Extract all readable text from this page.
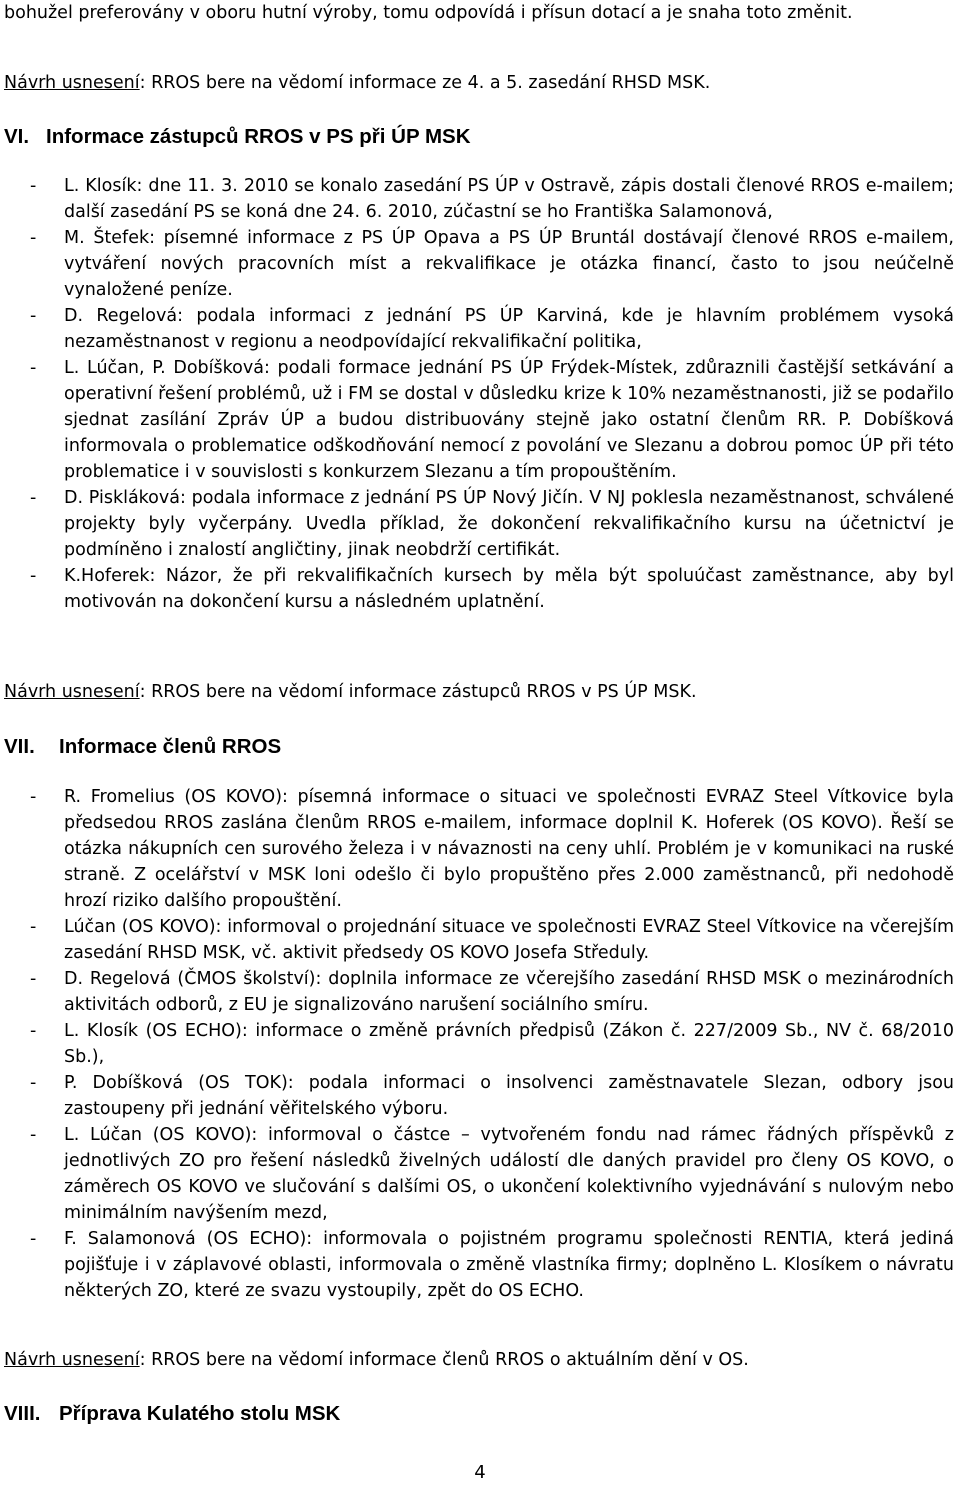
bohužel preferovány v oboru hutní výroby, tomu odpovídá i přísun dotací a je snaha toto změnit.
Návrh usnesení: RROS bere na vědomí informace ze 4. a 5. zasedání RHSD MSK.
VI. Informace zástupců RROS v PS při ÚP MSK
- L. Klosík: dne 11. 3. 2010 se konalo zasedání PS ÚP v Ostravě, zápis dostali členové RROS e-mailem; další zasedání PS se koná dne 24. 6. 2010, zúčastní se ho Františka Salamonová,
- M. Štefek: písemné informace z PS ÚP Opava a PS ÚP Bruntál dostávají členové RROS e-mailem, vytváření nových pracovních míst a rekvalifikace je otázka financí, často to jsou neúčelně vynaložené peníze.
- D. Regelová: podala informaci z jednání PS ÚP Karviná, kde je hlavním problémem vysoká nezaměstnanost v regionu a neodpovídající rekvalifikační politika,
- L. Lúčan, P. Dobíšková: podali formace jednání PS ÚP Frýdek-Místek, zdůraznili častější setkávání a operativní řešení problémů, už i FM se dostal v důsledku krize k 10% nezaměstnanosti, již se podařilo sjednat zasílání Zpráv ÚP a budou distribuovány stejně jako ostatní členům RR. P. Dobíšková informovala o problematice odškodňování nemocí z povolání ve Slezanu a dobrou pomoc ÚP při této problematice i v souvislosti s konkurzem Slezanu a tím propouštěním.
- D. Piskláková: podala informace z jednání PS ÚP Nový Jičín. V NJ poklesla nezaměstnanost, schválené projekty byly vyčerpány. Uvedla příklad, že dokončení rekvalifikačního kursu na účetnictví je podmíněno i znalostí angličtiny, jinak neobdrží certifikát.
- K.Hoferek: Názor, že při rekvalifikačních kursech by měla být spoluúčast zaměstnance, aby byl motivován na dokončení kursu a následném uplatnění.
Návrh usnesení: RROS bere na vědomí informace zástupců RROS v PS ÚP MSK.
VII. Informace členů RROS
- R. Fromelius (OS KOVO): písemná informace o situaci ve společnosti EVRAZ Steel Vítkovice byla předsedou RROS zaslána členům RROS e-mailem, informace doplnil K. Hoferek (OS KOVO). Řeší se otázka nákupních cen surového železa i v návaznosti na ceny uhlí. Problém je v komunikaci na ruské straně. Z ocelářství v MSK loni odešlo či bylo propuštěno přes 2.000 zaměstnanců, při nedohodě hrozí riziko dalšího propouštění.
- Lúčan (OS KOVO): informoval o projednání situace ve společnosti EVRAZ Steel Vítkovice na včerejším zasedání RHSD MSK, vč. aktivit předsedy OS KOVO Josefa Středuly.
- D. Regelová (ČMOS školství): doplnila informace ze včerejšího zasedání RHSD MSK o mezinárodních aktivitách odborů, z EU je signalizováno narušení sociálního smíru.
- L. Klosík (OS ECHO): informace o změně právních předpisů (Zákon č. 227/2009 Sb., NV č. 68/2010 Sb.),
- P. Dobíšková (OS TOK): podala informaci o insolvenci zaměstnavatele Slezan, odbory jsou zastoupeny při jednání věřitelského výboru.
- L. Lúčan (OS KOVO): informoval o částce – vytvořeném fondu nad rámec řádných příspěvků z jednotlivých ZO pro řešení následků živelných událostí dle daných pravidel pro členy OS KOVO, o záměrech OS KOVO ve slučování s dalšími OS, o ukončení kolektivního vyjednávání s nulovým nebo minimálním navýšením mezd,
- F. Salamonová (OS ECHO): informovala o pojistném programu společnosti RENTIA, která jediná pojišťuje i v záplavové oblasti, informovala o změně vlastníka firmy; doplněno L. Klosíkem o návratu některých ZO, které ze svazu vystoupily, zpět do OS ECHO.
Návrh usnesení: RROS bere na vědomí informace členů RROS o aktuálním dění v OS.
VIII. Příprava Kulatého stolu MSK
4
